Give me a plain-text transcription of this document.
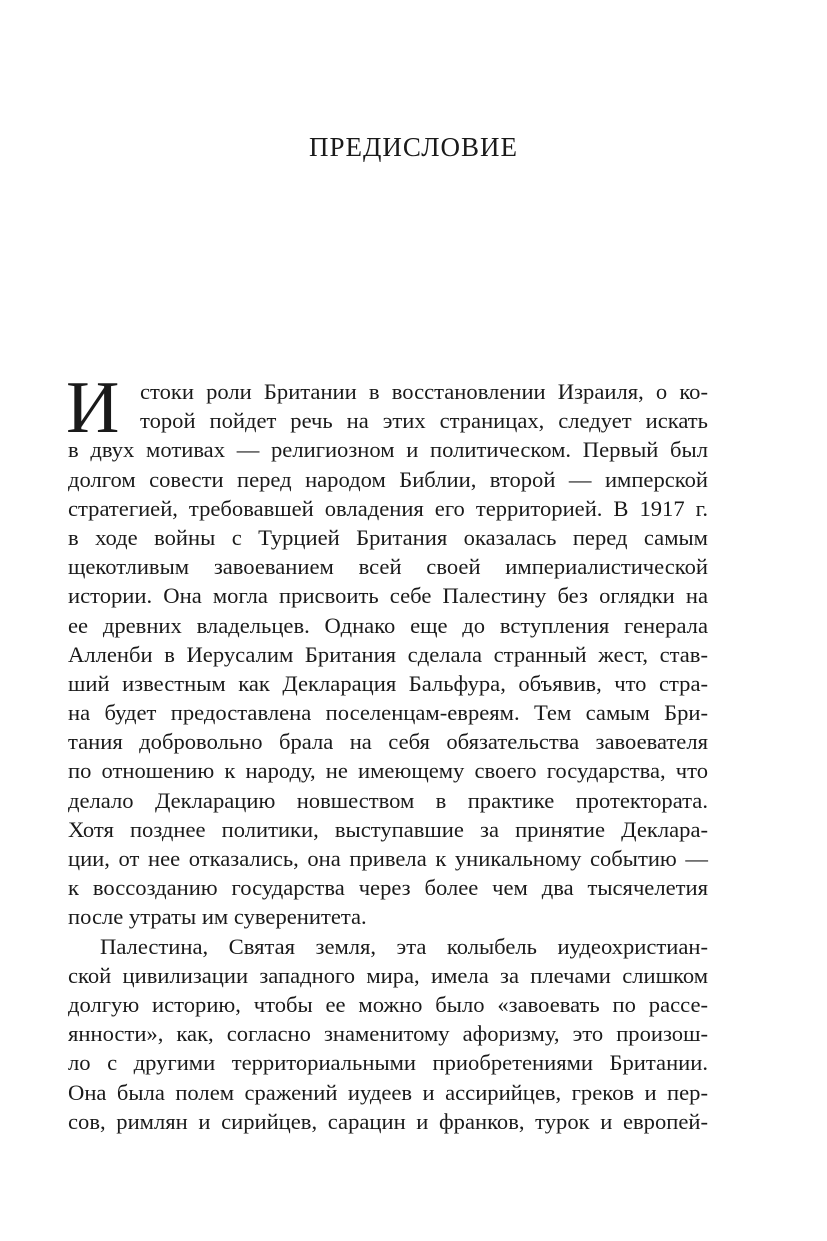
ПРЕДИСЛОВИЕ
И стоки роли Британии в восстановлении Израиля, о ко-
торой пойдет речь на этих страницах, следует искать
в двух мотивах — религиозном и политическом. Первый был
долгом совести перед народом Библии, второй — имперской
стратегией, требовавшей овладения его территорией. В 1917 г.
в ходе войны с Турцией Британия оказалась перед самым
щекотливым завоеванием всей своей империалистической
истории. Она могла присвоить себе Палестину без оглядки на
ее древних владельцев. Однако еще до вступления генерала
Алленби в Иерусалим Британия сделала странный жест, став-
ший известным как Декларация Бальфура, объявив, что стра-
на будет предоставлена поселенцам-евреям. Тем самым Бри-
тания добровольно брала на себя обязательства завоевателя
по отношению к народу, не имеющему своего государства, что
делало Декларацию новшеством в практике протектората.
Хотя позднее политики, выступавшие за принятие Деклара-
ции, от нее отказались, она привела к уникальному событию —
к воссозданию государства через более чем два тысячелетия
после утраты им суверенитета.
Палестина, Святая земля, эта колыбель иудеохристиан-
ской цивилизации западного мира, имела за плечами слишком
долгую историю, чтобы ее можно было «завоевать по рассе-
янности», как, согласно знаменитому афоризму, это произош-
ло с другими территориальными приобретениями Британии.
Она была полем сражений иудеев и ассирийцев, греков и пер-
сов, римлян и сирийцев, сарацин и франков, турок и европей-
